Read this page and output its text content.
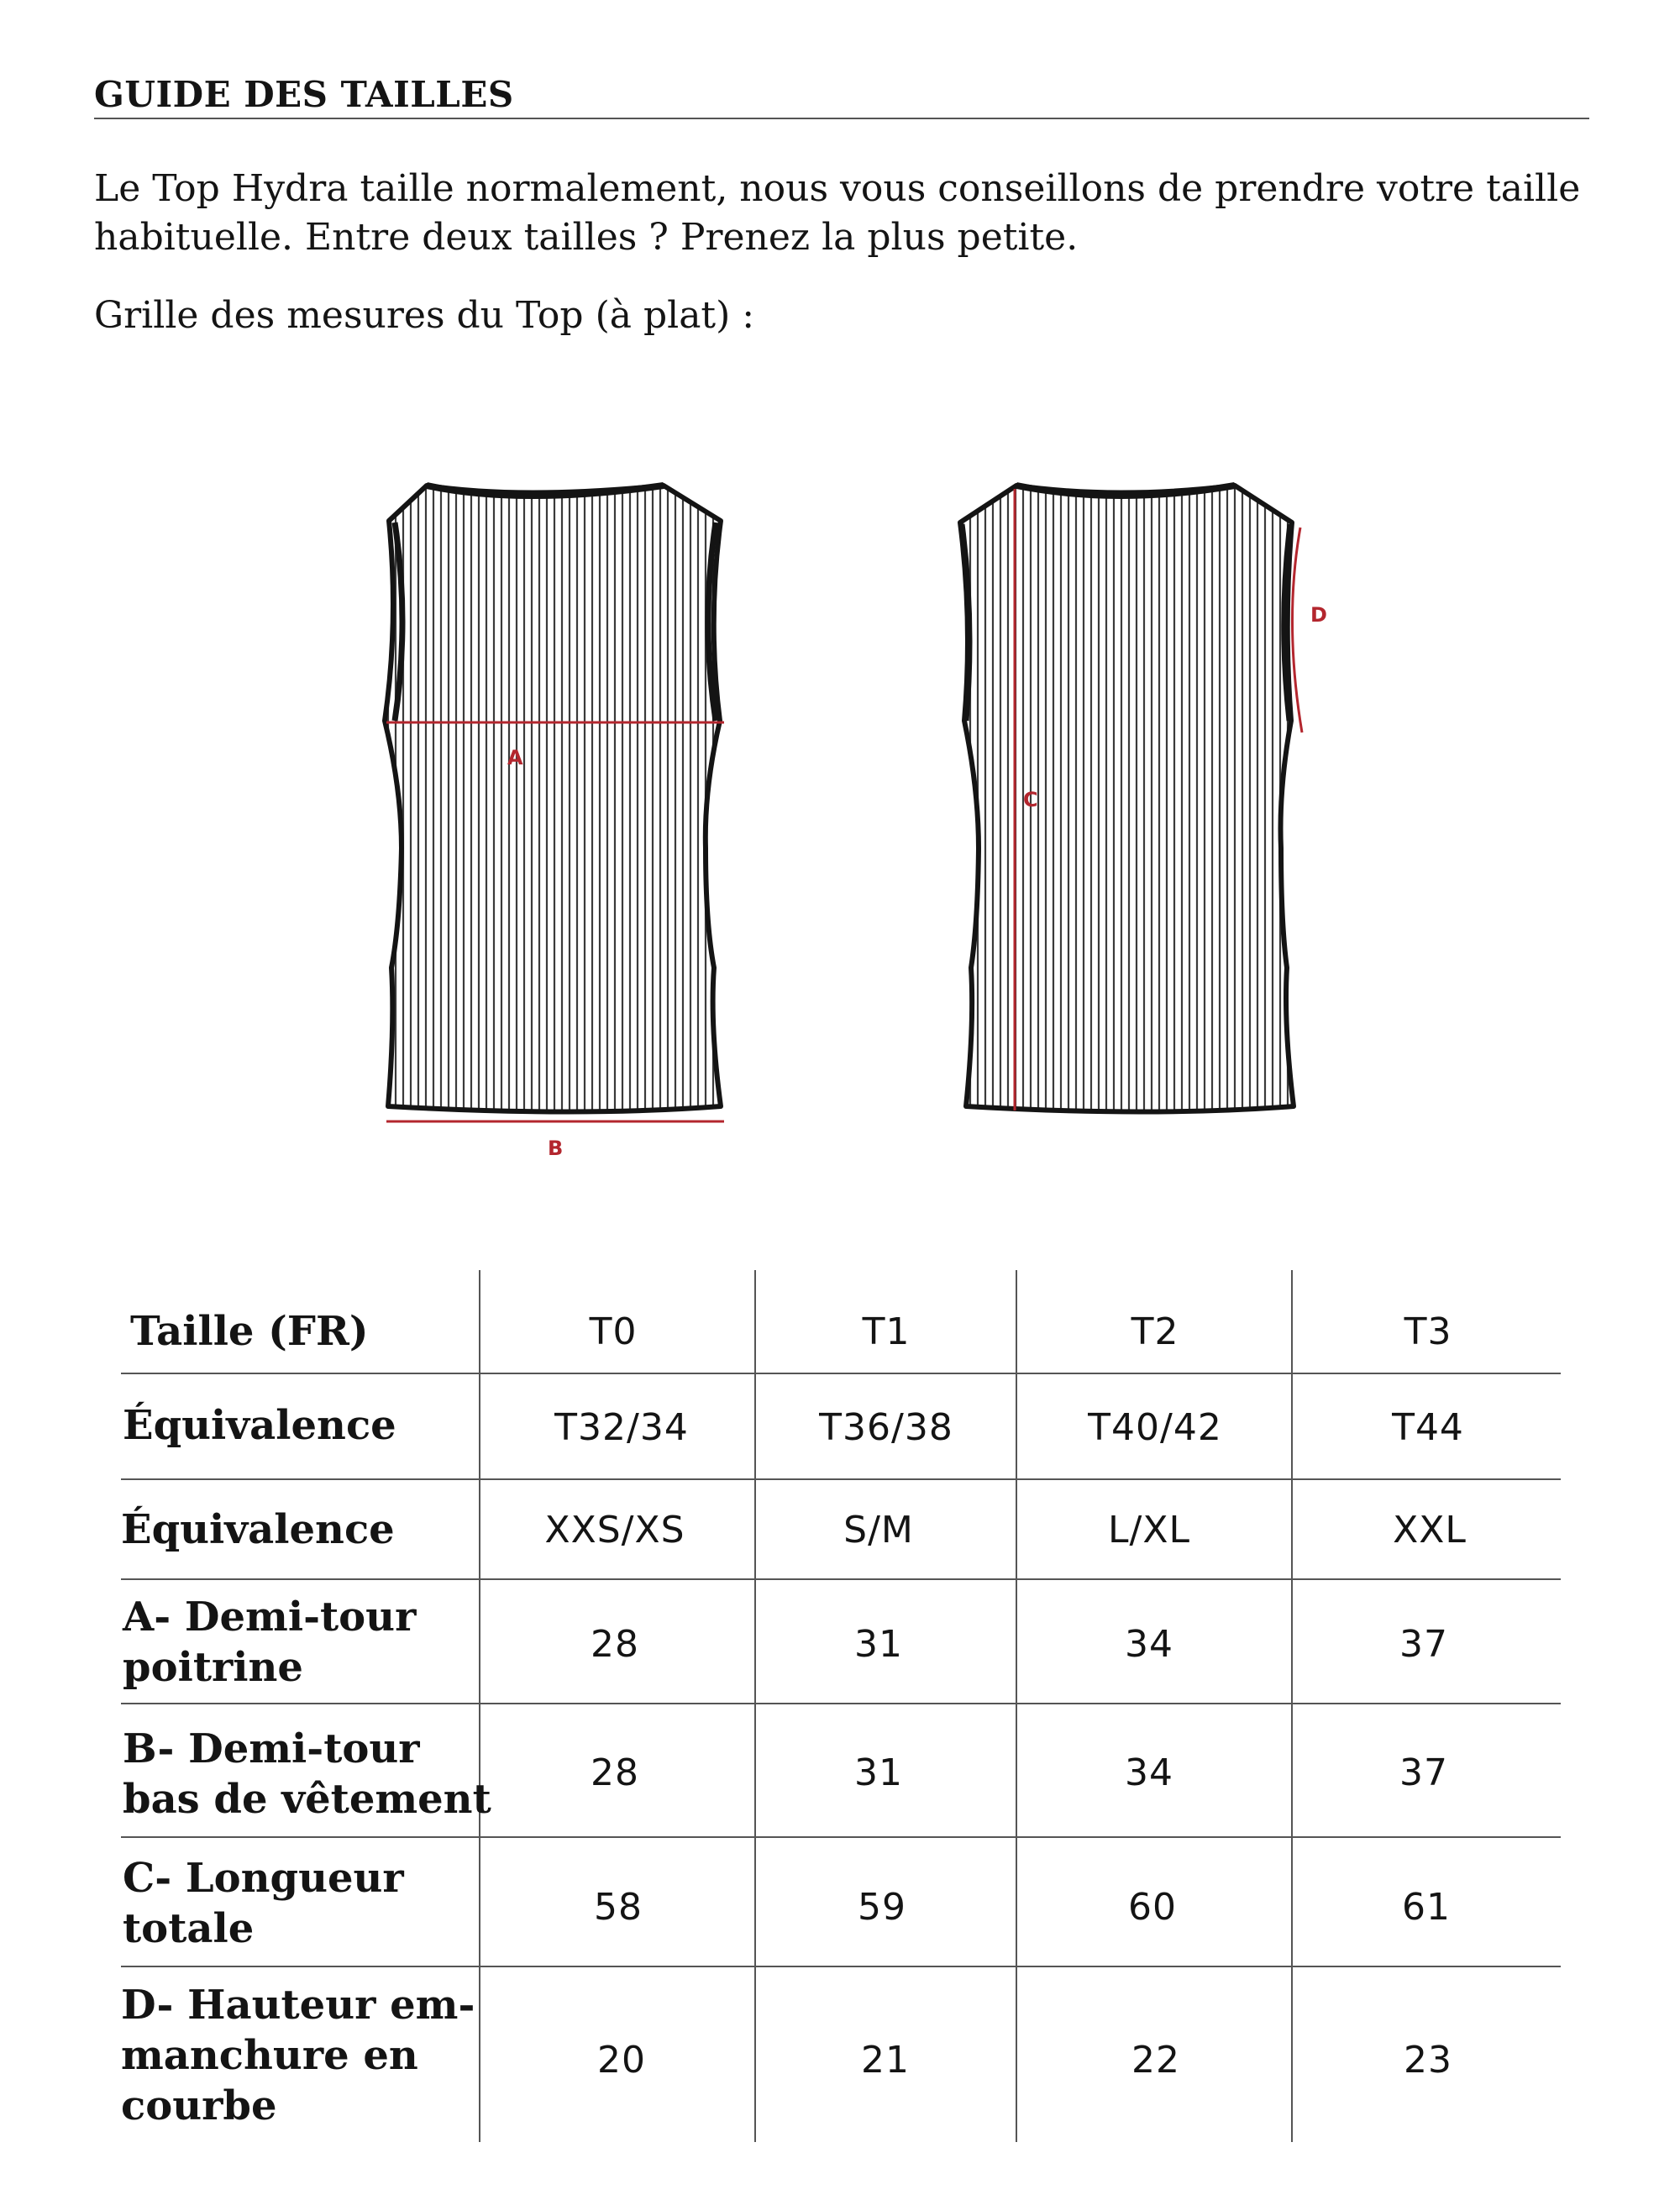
GUIDE DES TAILLES
Le Top Hydra taille normalement, nous vous conseillons de prendre votre taille habituelle. Entre deux tailles ? Prenez la plus petite.
Grille des mesures du Top (à plat) :
A
B
C
D
Taille (FR)	T0	T1	T2	T3
Équivalence	T32/34	T36/38	T40/42	T44
Équivalence	XXS/XS	S/M	L/XL	XXL
A- Demi-tour
poitrine	28	31	34	37
B- Demi-tour
bas de vêtement
28	31	34	37
C- Longueur
totale	58	59	60	61
D- Hauteur em-
manchure en
courbe
20	21	22	23
